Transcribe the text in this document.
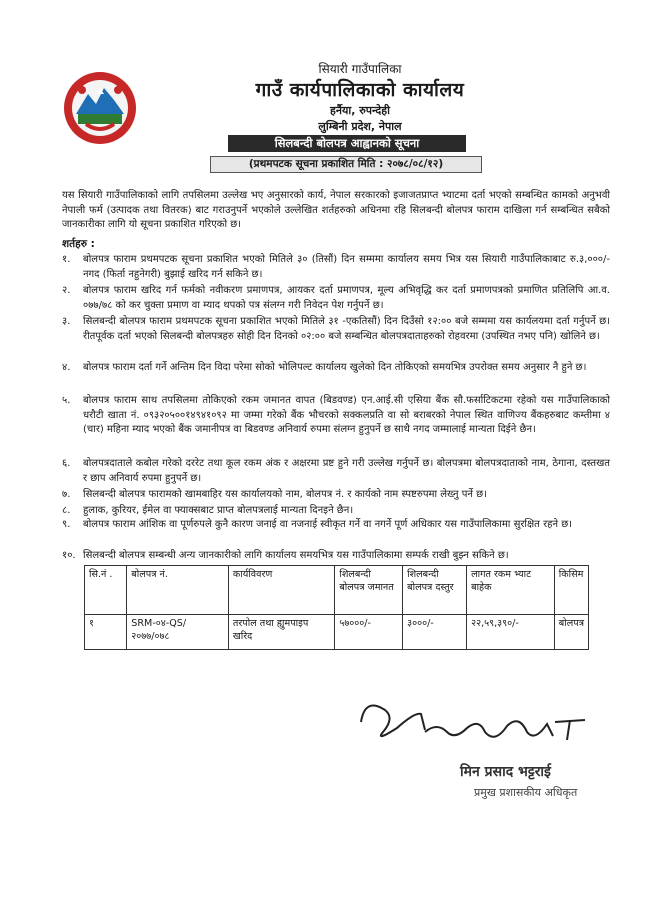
सियारी गाउँपालिका
गाउँ कार्यपालिकाको कार्यालय
हर्नैया, रुपन्देही
लुम्बिनी प्रदेश, नेपाल
सिलबन्दी बोलपत्र आह्वानको सूचना
(प्रथमपटक सूचना प्रकाशित मिति : २०७८/०८/१२)
यस सियारी गाउँपालिकाको लागि तपसिलमा उल्लेख भए अनुसारको कार्य, नेपाल सरकारको इजाजतप्राप्त भ्याटमा दर्ता भएको सम्बन्धित कामको अनुभवी नेपाली फर्म (उत्पादक तथा वितरक) बाट गराउनुपर्ने भएकोले उल्लेखित शर्तहरुको अधिनमा रहि सिलबन्दी बोलपत्र फाराम दाखिला गर्न सम्बन्धित सबैको जानकारीका लागि यो सूचना प्रकाशित गरिएको छ।
शर्तहरु :
१.	बोलपत्र फाराम प्रथमपटक सूचना प्रकाशित भएको मितिले ३० (तिसौं) दिन सम्ममा कार्यालय समय भित्र यस सियारी गाउँपालिकाबाट रु.३,०००/- नगद (फिर्ता नहुनेगरी) बुझाई खरिद गर्न सकिने छ।
२.	बोलपत्र फाराम खरिद गर्न फर्मको नवीकरण प्रमाणपत्र, आयकर दर्ता प्रमाणपत्र, मूल्य अभिवृद्धि कर दर्ता प्रमाणपत्रको प्रमाणित प्रतिलिपि आ.व. ०७७/७८ को कर चुक्ता प्रमाण वा म्याद थपको पत्र संलग्न गरी निवेदन पेश गर्नुपर्ने छ।
३.	सिलबन्दी बोलपत्र फाराम प्रथमपटक सूचना प्रकाशित भएको मितिले ३१ -एकतिसौं) दिन दिउँसो १२:०० बजे सम्ममा यस कार्यलयमा दर्ता गर्नुपर्ने छ। रीतपूर्वक दर्ता भएको सिलबन्दी बोलपत्रहरु सोही दिन दिनको ०२:०० बजे सम्बन्धित बोलपत्रदाताहरुको रोहवरमा (उपस्थित नभए पनि) खोलिने छ।
४.	बोलपत्र फाराम दर्ता गर्ने अन्तिम दिन विदा परेमा सोको भोलिपल्ट कार्यालय खुलेको दिन तोकिएको समयभित्र उपरोक्त समय अनुसार नै हुने छ।
५.	बोलपत्र फाराम साथ तपसिलमा तोकिएको रकम जमानत वापत (बिडवण्ड) एन.आई.सी एसिया बैंक सौ.फर्साटिकटमा रहेको यस गाउँपालिकाको धरौटी खाता नं. ०९३२०५००१४९४१०९२ मा जम्मा गरेको बैंक भौचरको सक्कलप्रति वा सो बराबरको नेपाल स्थित वाणिज्य बैंकहरुबाट कम्तीमा ४ (चार) महिना म्याद भएको बैंक जमानीपत्र वा बिडवण्ड अनिवार्य रुपमा संलग्न हुनुपर्ने छ साथै नगद जम्मालाई मान्यता दिईने छैन।
६.	बोलपत्रदाताले कबोल गरेको दररेट तथा कूल रकम अंक र अक्षरमा प्रष्ट हुने गरी उल्लेख गर्नुपर्ने छ। बोलपत्रमा बोलपत्रदाताको नाम, ठेगाना, दस्तखत र छाप अनिवार्य रुपमा हुनुपर्ने छ।
७.	सिलबन्दी बोलपत्र फारामको खामबाहिर यस कार्यालयको नाम, बोलपत्र नं. र कार्यको नाम स्पष्टरुपमा लेख्नु पर्ने छ।
८.	हुलाक, कुरियर, ईमेल वा फ्याक्सबाट प्राप्त बोलपत्रलाई मान्यता दिनइने छैन।
९.	बोलपत्र फाराम आंशिक वा पूर्णरुपले कुनै कारण जनाई वा नजनाई स्वीकृत गर्ने वा नगर्ने पूर्ण अधिकार यस गाउँपालिकामा सुरक्षित रहने छ।
१०. सिलबन्दी बोलपत्र सम्बन्धी अन्य जानकारीको लागि कार्यालय समयभित्र यस गाउँपालिकामा सम्पर्क राखी बुझ्न सकिने छ।
सि.नं .	बोलपत्र नं.	कार्यविवरण	शिलबन्दी बोलपत्र जमानत	शिलबन्दी बोलपत्र दस्तुर	लागत रकम भ्याट बाहेक	किसिम
१	SRM-०४-QS/२०७७/०७८	तरपोल तथा ह्युमपाइप खरिद	५७०००/-	३०००/-	२२,५९,३९०/-	बोलपत्र
मिन प्रसाद भट्टराई
प्रमुख प्रशासकीय अधिकृत
